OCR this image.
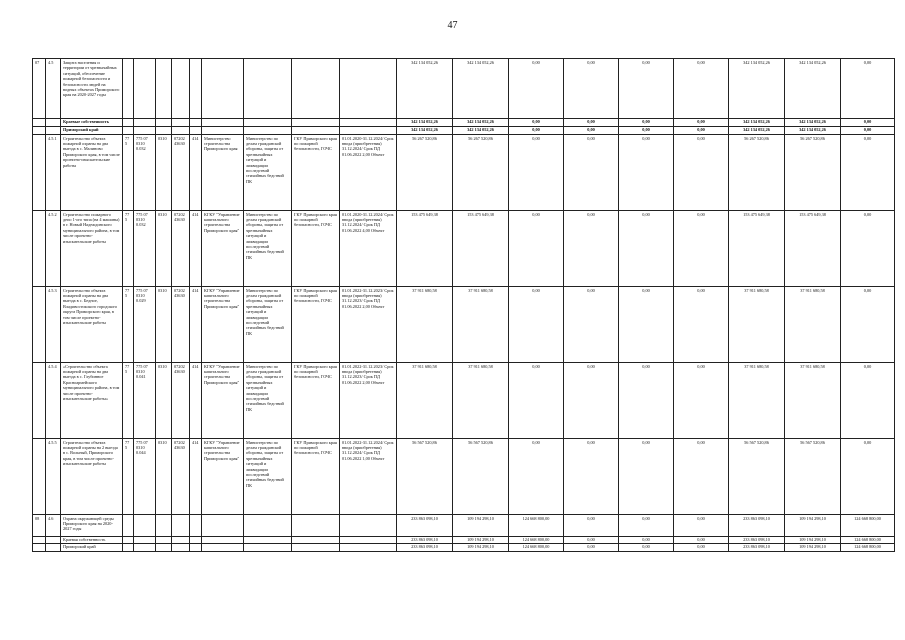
47
07	4.5	Защита населения и территории от чрезвычайных ситуаций, обеспечение пожарной безопасности и безопасности людей на водных объектах Приморского края на 2020-2027 годы										342 134 052,26	342 134 052,26	0,00	0,00	0,00	0,00	342 134 052,26	342 134 052,26	0,00
		Краевые собственность										342 134 052,26	342 134 052,26	0,00	0,00	0,00	0,00	342 134 052,26	342 134 052,26	0,00
		Приморский край										342 134 052,26	342 134 052,26	0,00	0,00	0,00	0,00	342 134 052,26	342 134 052,26	0,00
	4.5.1	Строительство объекта пожарной охраны на два выезда в с. Малиново Приморского края, в том числе проектно-изыскательские работы	775	775 07 0310 0.032	0310	07202 43630	414	Министерство строительства Приморского края	Министерство по делам гражданской обороны, защиты от чрезвычайных ситуаций и ликвидации последствий стихийных бедствий ПК	ГКУ Приморского края по пожарной безопасности, ГОЧС	01.01.2020-31.12.2024/ Срок ввода (приобретения) 31.12.2024/ Срок ПД 01.06.2022 2,00 Объект	56 267 520,86	56 267 520,86	0,00	0,00	0,00	0,00	56 267 520,86	56 267 520,86	0,00
	4.5.2	Строительство пожарного депо 1-ого типа (на 4 машины) в г. Новый Надеждинского муниципального района, в том числе проектно-изыскательские работы	775	775 07 0310 0.032	0310	07202 43630	414	КГКУ "Управление капитального строительства Приморского края"	Министерство по делам гражданской обороны, защиты от чрезвычайных ситуаций и ликвидации последствий стихийных бедствий ПК	ГКУ Приморского края по пожарной безопасности, ГОЧС	01.01.2020-31.12.2024/ Срок ввода (приобретения) 31.12.2024/ Срок ПД 01.06.2022 4,00 Объект	153 475 649,38	153 475 649,38	0,00	0,00	0,00	0,00	153 475 649,38	153 475 649,38	0,00
	4.5.3	Строительство объекта пожарной охраны на два выезда в с. Бедное, Владивостокского городского округа Приморского края, в том числе проектно-изыскательские работы	775	775 07 0310 0.029	0310	07202 43630	414	КГКУ "Управление капитального строительства Приморского края"	Министерство по делам гражданской обороны, защиты от чрезвычайных ситуаций и ликвидации последствий стихийных бедствий ПК	ГКУ Приморского края по пожарной безопасности, ГОЧС	01.01.2022-31.12.2023/ Срок ввода (приобретения) 31.12.2023/ Срок ПД 01.06.2022 2,00 Объект	37 911 680,58	37 911 680,58	0,00	0,00	0,00	0,00	37 911 680,58	37 911 680,58	0,00
	4.5.4	«Строительство объекта пожарной охраны на два выезда в с. Глубинное Красноармейского муниципального района, в том числе проектно-изыскательские работы»	775	775 07 0310 0.041	0310	07202 43630	414	КГКУ "Управление капитального строительства Приморского края"	Министерство по делам гражданской обороны, защиты от чрезвычайных ситуаций и ликвидации последствий стихийных бедствий ПК	ГКУ Приморского края по пожарной безопасности, ГОЧС	01.01.2022-31.12.2023/ Срок ввода (приобретения) 31.12.2023/ Срок ПД 01.06.2022 2,00 Объект	37 911 680,58	37 911 680,58	0,00	0,00	0,00	0,00	37 911 680,58	37 911 680,58	0,00
	4.5.5	Строительство объекта пожарной охраны на 2 выезда в с. Вольный, Приморского края, в том числе проектно-изыскательские работы	775	775 07 0310 0.044	0310	07202 43630	414	КГКУ "Управление капитального строительства Приморского края"	Министерство по делам гражданской обороны, защиты от чрезвычайных ситуаций и ликвидации последствий стихийных бедствий ПК	ГКУ Приморского края по пожарной безопасности, ГОЧС	01.01.2022-31.12.2024/ Срок ввода (приобретения) 31.12.2024/ Срок ПД 01.06.2022 1,00 Объект	56 567 520,86	56 567 520,86	0,00	0,00	0,00	0,00	56 567 520,86	56 567 520,86	0,00
08	4.6	Охрана окружающей среды Приморского края на 2020-2027 годы										233 863 098,10	109 194 298,10	124 668 800,00	0,00	0,00	0,00	233 863 098,10	109 194 298,10	124 668 800,00
		Краевая собственность										233 863 098,10	109 194 298,10	124 668 800,00	0,00	0,00	0,00	233 863 098,10	109 194 298,10	124 668 800,00
		Приморский край										233 863 098,10	109 194 298,10	124 668 800,00	0,00	0,00	0,00	233 863 098,10	109 194 298,10	124 668 800,00
